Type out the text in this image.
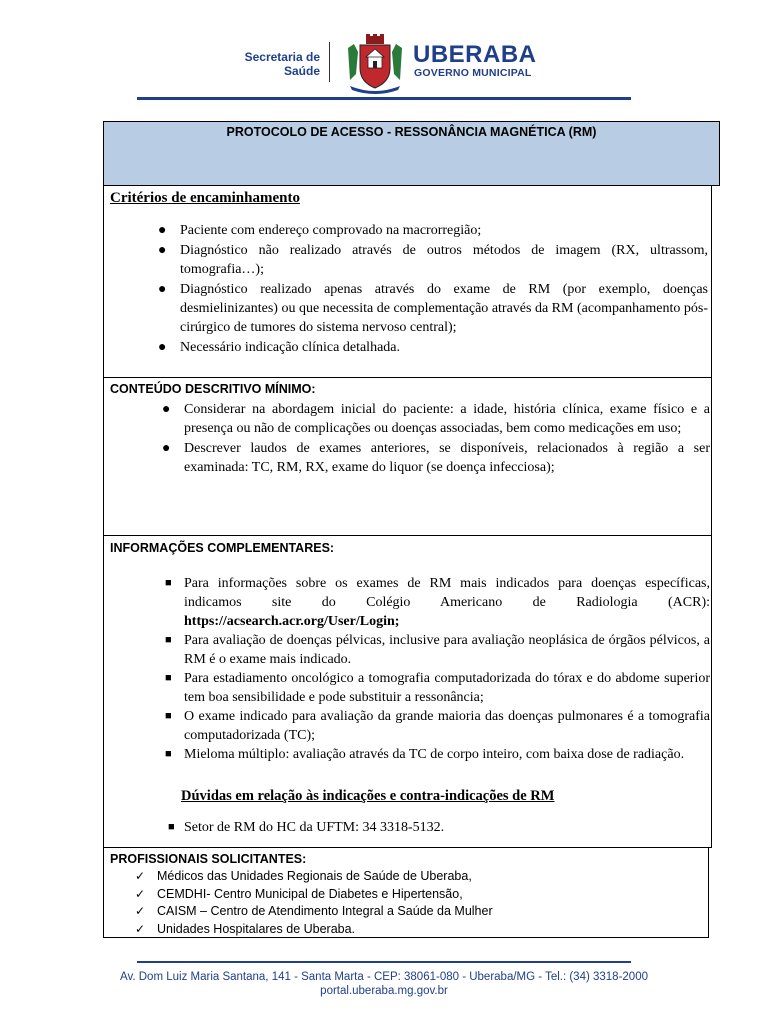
Secretaria de
Saúde
UBERABA
GOVERNO MUNICIPAL
PROTOCOLO DE ACESSO - RESSONÂNCIA MAGNÉTICA (RM)

Critérios de encaminhamento

● Paciente com endereço comprovado na macrorregião;
● Diagnóstico não realizado através de outros métodos de imagem (RX, ultrassom, tomografia…);
● Diagnóstico realizado apenas através do exame de RM (por exemplo, doenças desmielinizantes) ou que necessita de complementação através da RM (acompanhamento pós-cirúrgico de tumores do sistema nervoso central);
● Necessário indicação clínica detalhada.

CONTEÚDO DESCRITIVO MÍNIMO:

● Considerar na abordagem inicial do paciente: a idade, história clínica, exame físico e a presença ou não de complicações ou doenças associadas, bem como medicações em uso;
● Descrever laudos de exames anteriores, se disponíveis, relacionados à região a ser examinada: TC, RM, RX, exame do liquor (se doença infecciosa);

INFORMAÇÕES COMPLEMENTARES:

■ Para informações sobre os exames de RM mais indicados para doenças específicas, indicamos site do Colégio Americano de Radiologia (ACR): https://acsearch.acr.org/User/Login;
■ Para avaliação de doenças pélvicas, inclusive para avaliação neoplásica de órgãos pélvicos, a RM é o exame mais indicado.
■ Para estadiamento oncológico a tomografia computadorizada do tórax e do abdome superior tem boa sensibilidade e pode substituir a ressonância;
■ O exame indicado para avaliação da grande maioria das doenças pulmonares é a tomografia computadorizada (TC);
■ Mieloma múltiplo: avaliação através da TC de corpo inteiro, com baixa dose de radiação.
Dúvidas em relação às indicações e contra-indicações de RM
■ Setor de RM do HC da UFTM: 34 3318-5132.

PROFISSIONAIS SOLICITANTES:

✓ Médicos das Unidades Regionais de Saúde de Uberaba,
✓ CEMDHI- Centro Municipal de Diabetes e Hipertensão,
✓ CAISM – Centro de Atendimento Integral a Saúde da Mulher
✓ Unidades Hospitalares de Uberaba.
Av. Dom Luiz Maria Santana, 141 - Santa Marta - CEP: 38061-080 - Uberaba/MG - Tel.: (34) 3318-2000
portal.uberaba.mg.gov.br
